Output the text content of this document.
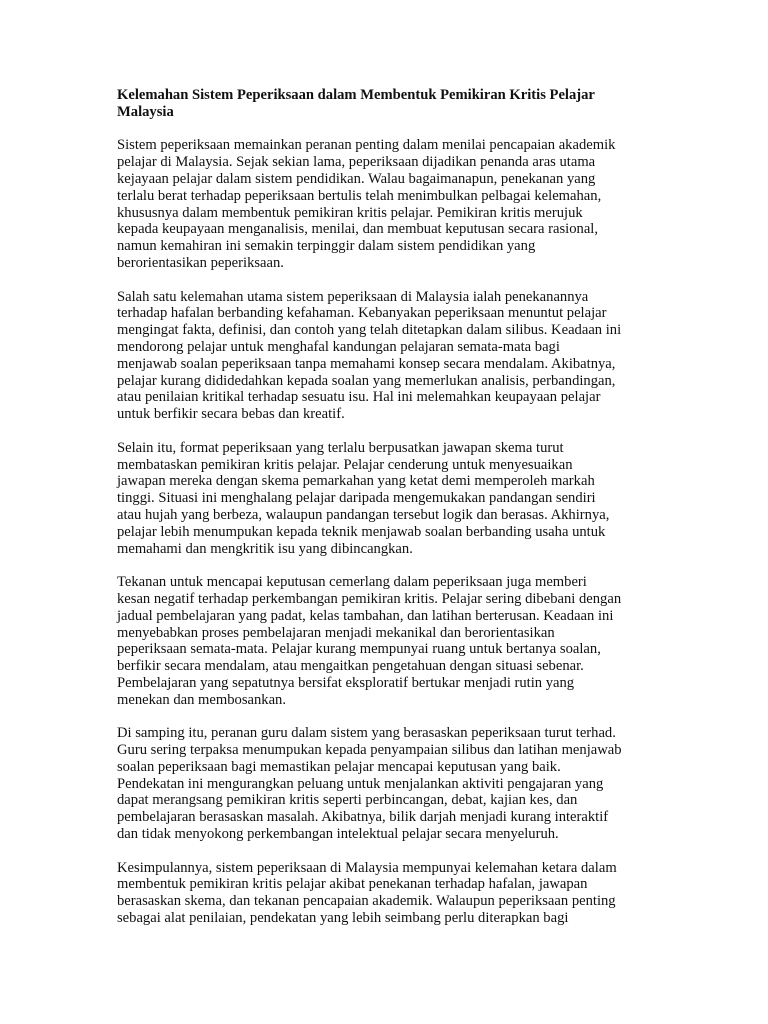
Kelemahan Sistem Peperiksaan dalam Membentuk Pemikiran Kritis Pelajar
Malaysia

Sistem peperiksaan memainkan peranan penting dalam menilai pencapaian akademik
pelajar di Malaysia. Sejak sekian lama, peperiksaan dijadikan penanda aras utama
kejayaan pelajar dalam sistem pendidikan. Walau bagaimanapun, penekanan yang
terlalu berat terhadap peperiksaan bertulis telah menimbulkan pelbagai kelemahan,
khususnya dalam membentuk pemikiran kritis pelajar. Pemikiran kritis merujuk
kepada keupayaan menganalisis, menilai, dan membuat keputusan secara rasional,
namun kemahiran ini semakin terpinggir dalam sistem pendidikan yang
berorientasikan peperiksaan.

Salah satu kelemahan utama sistem peperiksaan di Malaysia ialah penekanannya
terhadap hafalan berbanding kefahaman. Kebanyakan peperiksaan menuntut pelajar
mengingat fakta, definisi, dan contoh yang telah ditetapkan dalam silibus. Keadaan ini
mendorong pelajar untuk menghafal kandungan pelajaran semata-mata bagi
menjawab soalan peperiksaan tanpa memahami konsep secara mendalam. Akibatnya,
pelajar kurang dididedahkan kepada soalan yang memerlukan analisis, perbandingan,
atau penilaian kritikal terhadap sesuatu isu. Hal ini melemahkan keupayaan pelajar
untuk berfikir secara bebas dan kreatif.

Selain itu, format peperiksaan yang terlalu berpusatkan jawapan skema turut
membataskan pemikiran kritis pelajar. Pelajar cenderung untuk menyesuaikan
jawapan mereka dengan skema pemarkahan yang ketat demi memperoleh markah
tinggi. Situasi ini menghalang pelajar daripada mengemukakan pandangan sendiri
atau hujah yang berbeza, walaupun pandangan tersebut logik dan berasas. Akhirnya,
pelajar lebih menumpukan kepada teknik menjawab soalan berbanding usaha untuk
memahami dan mengkritik isu yang dibincangkan.

Tekanan untuk mencapai keputusan cemerlang dalam peperiksaan juga memberi
kesan negatif terhadap perkembangan pemikiran kritis. Pelajar sering dibebani dengan
jadual pembelajaran yang padat, kelas tambahan, dan latihan berterusan. Keadaan ini
menyebabkan proses pembelajaran menjadi mekanikal dan berorientasikan
peperiksaan semata-mata. Pelajar kurang mempunyai ruang untuk bertanya soalan,
berfikir secara mendalam, atau mengaitkan pengetahuan dengan situasi sebenar.
Pembelajaran yang sepatutnya bersifat eksploratif bertukar menjadi rutin yang
menekan dan membosankan.

Di samping itu, peranan guru dalam sistem yang berasaskan peperiksaan turut terhad.
Guru sering terpaksa menumpukan kepada penyampaian silibus dan latihan menjawab
soalan peperiksaan bagi memastikan pelajar mencapai keputusan yang baik.
Pendekatan ini mengurangkan peluang untuk menjalankan aktiviti pengajaran yang
dapat merangsang pemikiran kritis seperti perbincangan, debat, kajian kes, dan
pembelajaran berasaskan masalah. Akibatnya, bilik darjah menjadi kurang interaktif
dan tidak menyokong perkembangan intelektual pelajar secara menyeluruh.

Kesimpulannya, sistem peperiksaan di Malaysia mempunyai kelemahan ketara dalam
membentuk pemikiran kritis pelajar akibat penekanan terhadap hafalan, jawapan
berasaskan skema, dan tekanan pencapaian akademik. Walaupun peperiksaan penting
sebagai alat penilaian, pendekatan yang lebih seimbang perlu diterapkan bagi
